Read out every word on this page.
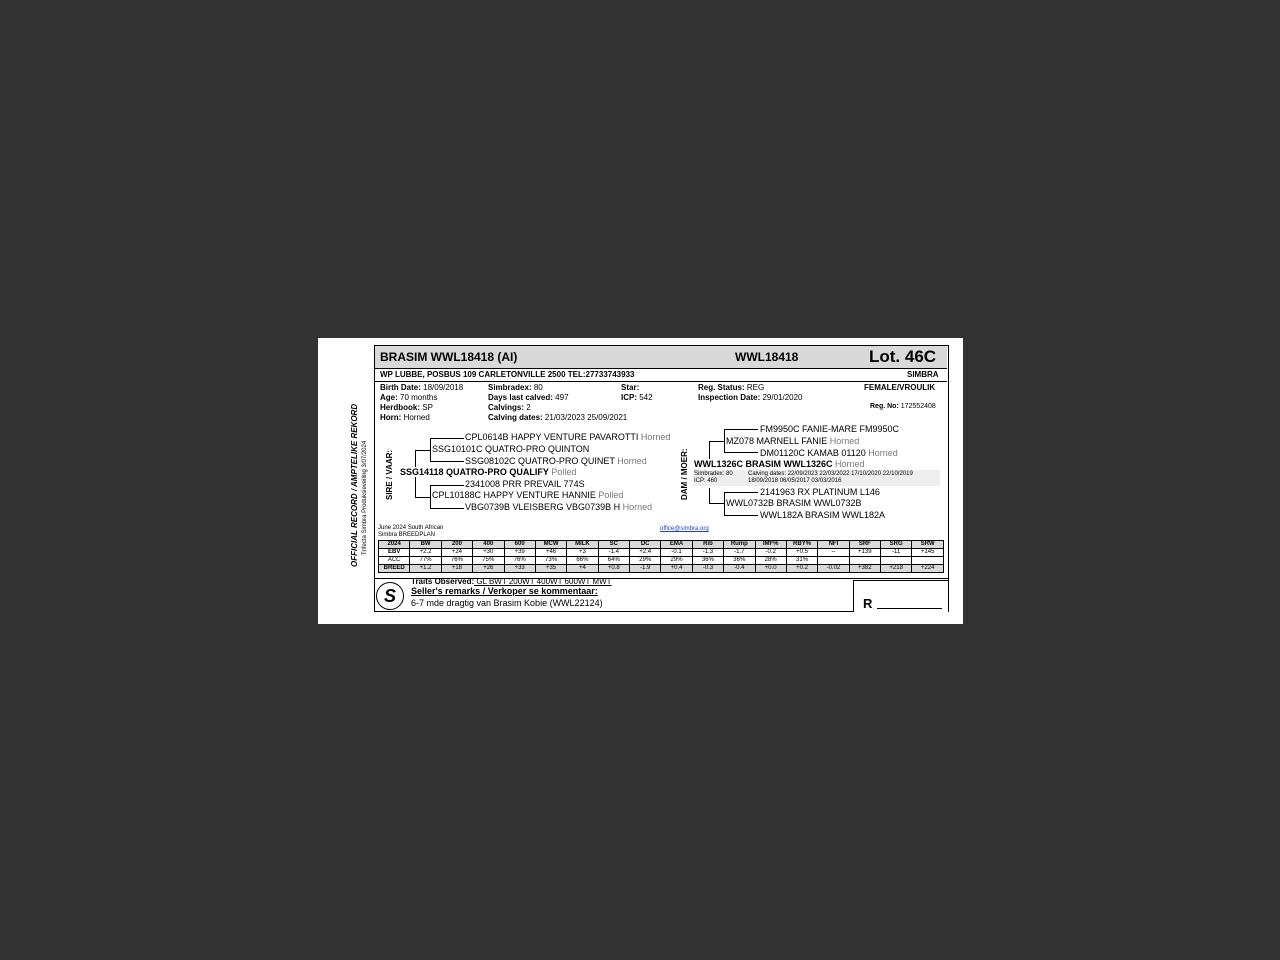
OFFICIAL RECORD / AMPTELIKE REKORD Trifecta Simbra Produksieveiling 3/07/2024
BRASIM WWL18418 (AI)	WWL18418	Lot. 46C
WP LUBBE, POSBUS 109 CARLETONVILLE 2500 TEL:27733743933	SIMBRA
Birth Date: 18/09/2018
Age: 70 months
Herdbook: SP
Horn: Horned
Simbradex: 80
Days last calved: 497
Calvings: 2
Calving dates: 21/03/2023 25/09/2021
Star:
ICP: 542
Reg. Status: REG
Inspection Date: 29/01/2020
FEMALE/VROULIK
Reg. No: 172552408
SIRE / VAAR:	DAM / MOER:
CPL0614B HAPPY VENTURE PAVAROTTI Horned
SSG10101C QUATRO-PRO QUINTON
SSG08102C QUATRO-PRO QUINET Horned
SSG14118 QUATRO-PRO QUALIFY Polled
2341008 PRR PREVAIL 774S
CPL10188C HAPPY VENTURE HANNIE Polled
VBG0739B VLEISBERG VBG0739B H Horned
FM9950C FANIE-MARE FM9950C
MZ078 MARNELL FANIE Horned
DM01120C KAMAB 01120 Horned
WWL1326C BRASIM WWL1326C Horned
Simbradex: 80
ICP: 460
Calving dates: 22/09/2023 22/03/2022 17/10/2020 22/10/2019
18/09/2018 06/05/2017 03/03/2016
2141963 RX PLATINUM L146
WWL0732B BRASIM WWL0732B
WWL182A BRASIM WWL182A
June 2024 South African
Simbra BREEDPLAN
office@simbra.org
2024	BW	200	400	600	MCW	MILK	SC	DC	EMA	Rib	Rump	IMF%	RBY%	NFI	SRF	SRG	SRW
EBV	+2.2	+24	+30	+39	+46	+3	-1.4	+2.4	-0.1	-1.3	-1.7	-0.2	+0.5	--	+139	-11	+145
ACC	77%	76%	75%	76%	73%	66%	64%	29%	29%	36%	36%	28%	31%				
BREED	+1.2	+18	+26	+33	+35	+4	+0.8	-1.9	+0.4	-0.3	-0.4	+0.0	+0.2	-0.02	+382	+218	+224
S
Traits Observed: GL BWT 200WT 400WT 600WT MWT
Seller's remarks / Verkoper se kommentaar:
6-7 mde dragtig van Brasim Kobie (WWL22124)	R
